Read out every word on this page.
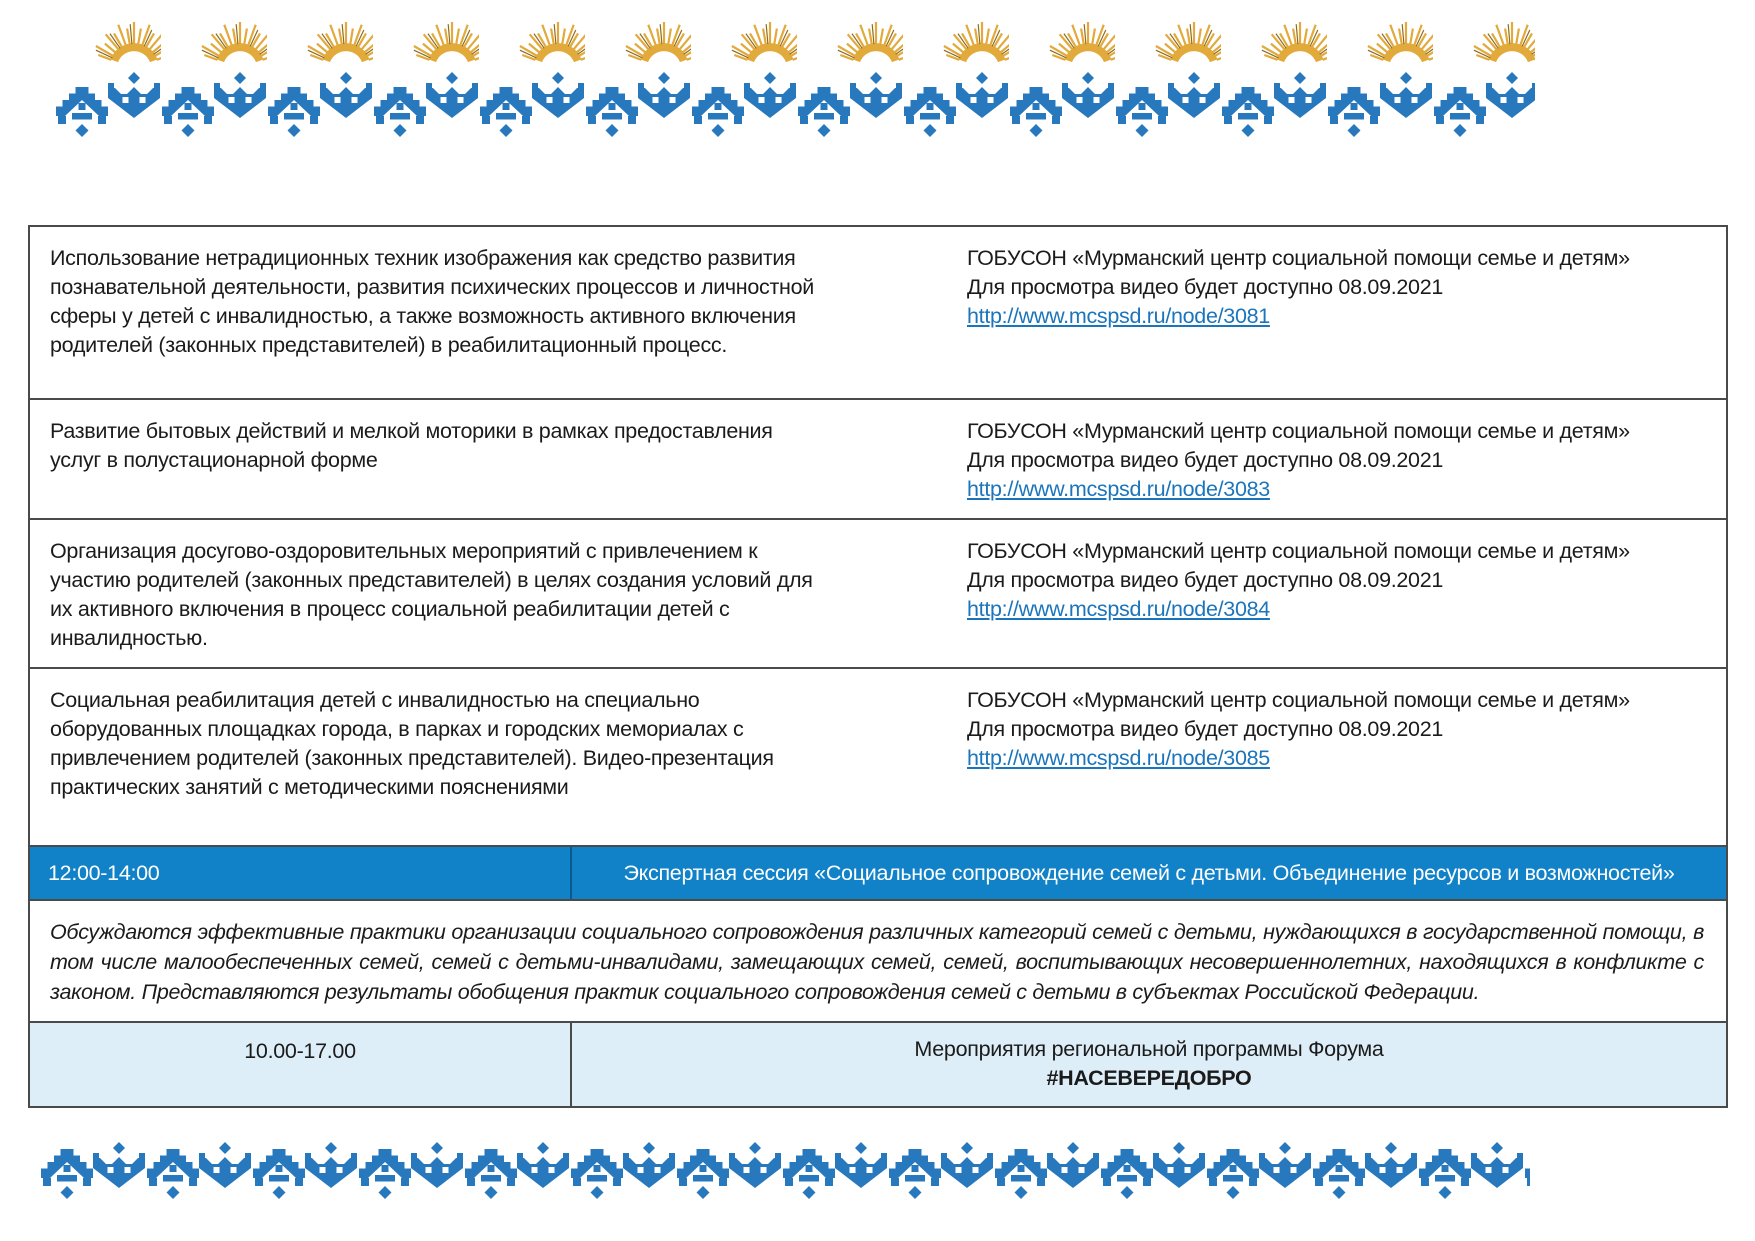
Использование нетрадиционных техник изображения как средство развития познавательной деятельности, развития психических процессов и личностной сферы у детей с инвалидностью, а также возможность активного включения родителей (законных представителей) в реабилитационный процесс.
ГОБУСОН «Мурманский центр социальной помощи семье и детям»
Для просмотра видео будет доступно 08.09.2021
http://www.mcspsd.ru/node/3081
Развитие бытовых действий и мелкой моторики в рамках предоставления услуг в полустационарной форме
ГОБУСОН «Мурманский центр социальной помощи семье и детям»
Для просмотра видео будет доступно 08.09.2021
http://www.mcspsd.ru/node/3083
Организация досугово-оздоровительных мероприятий с привлечением к участию родителей (законных представителей) в целях создания условий для их активного включения в процесс социальной реабилитации детей с инвалидностью.
ГОБУСОН «Мурманский центр социальной помощи семье и детям»
Для просмотра видео будет доступно 08.09.2021
http://www.mcspsd.ru/node/3084
Социальная реабилитация детей с инвалидностью на специально оборудованных площадках города, в парках и городских мемориалах с привлечением родителей (законных представителей). Видео-презентация практических занятий с методическими пояснениями
ГОБУСОН «Мурманский центр социальной помощи семье и детям»
Для просмотра видео будет доступно 08.09.2021
http://www.mcspsd.ru/node/3085
12:00-14:00	Экспертная сессия «Социальное сопровождение семей с детьми. Объединение ресурсов и возможностей»
Обсуждаются эффективные практики организации социального сопровождения различных категорий семей с детьми, нуждающихся в государственной помощи, в том числе малообеспеченных семей, семей с детьми-инвалидами, замещающих семей, семей, воспитывающих несовершеннолетних, находящихся в конфликте с законом. Представляются результаты обобщения практик социального сопровождения семей с детьми в субъектах Российской Федерации.
10.00-17.00	Мероприятия региональной программы Форума
#НАСЕВЕРЕДОБРО
